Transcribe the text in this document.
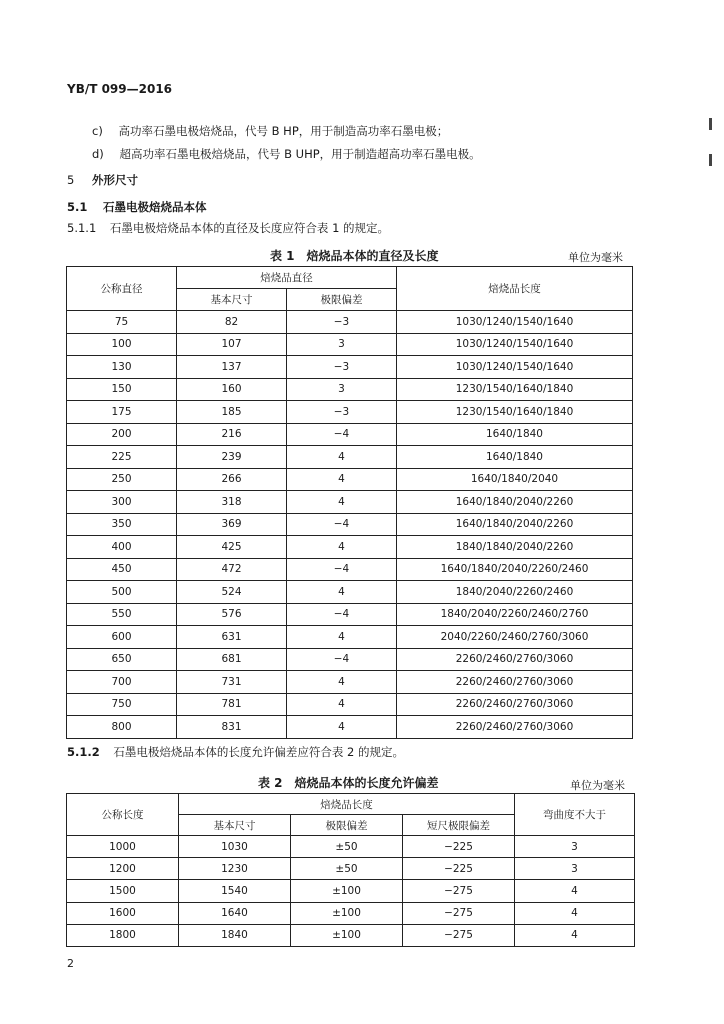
YB/T 099—2016
c) 高功率石墨电极焙烧品，代号 B HP，用于制造高功率石墨电极；
d) 超高功率石墨电极焙烧品，代号 B UHP，用于制造超高功率石墨电极。
5 外形尺寸
5.1 石墨电极焙烧品本体
5.1.1 石墨电极焙烧品本体的直径及长度应符合表 1 的规定。
表 1　焙烧品本体的直径及长度	单位为毫米
公称直径	焙烧品直径		焙烧品长度
	基本尺寸	极限偏差	
75	82	−3	1030/1240/1540/1640
100	107	3	1030/1240/1540/1640
130	137	−3	1030/1240/1540/1640
150	160	3	1230/1540/1640/1840
175	185	−3	1230/1540/1640/1840
200	216	−4	1640/1840
225	239	4	1640/1840
250	266	4	1640/1840/2040
300	318	4	1640/1840/2040/2260
350	369	−4	1640/1840/2040/2260
400	425	4	1840/1840/2040/2260
450	472	−4	1640/1840/2040/2260/2460
500	524	4	1840/2040/2260/2460
550	576	−4	1840/2040/2260/2460/2760
600	631	4	2040/2260/2460/2760/3060
650	681	−4	2260/2460/2760/3060
700	731	4	2260/2460/2760/3060
750	781	4	2260/2460/2760/3060
800	831	4	2260/2460/2760/3060
5.1.2 石墨电极焙烧品本体的长度允许偏差应符合表 2 的规定。
表 2　焙烧品本体的长度允许偏差	单位为毫米
公称长度	焙烧品长度			弯曲度不大于
	基本尺寸	极限偏差	短尺极限偏差	
1000	1030	±50	−225	3
1200	1230	±50	−225	3
1500	1540	±100	−275	4
1600	1640	±100	−275	4
1800	1840	±100	−275	4
2
